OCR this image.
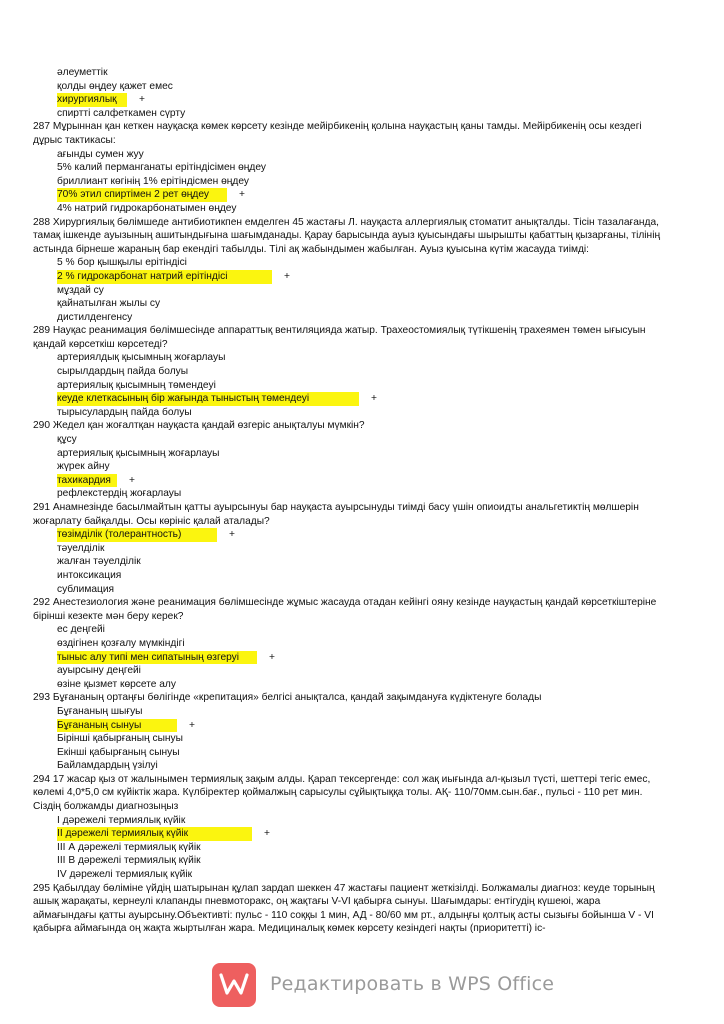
әлеуметтік
қолды өңдеу қажет емес
хирургиялық +
спиртті салфеткамен сүрту
287 Мұрыннан қан кеткен науқасқа көмек көрсету кезінде мейірбикенің қолына науқастың қаны тамды. Мейірбикенің осы кездегі дұрыс тактикасы:
ағынды сумен жуу
5% калий перманганаты ерітіндісімен өңдеу
бриллиант көгінің 1% ерітіндісмен өңдеу
70% этил спиртімен 2 рет өңдеу	+
4% натрий гидрокарбонатымен өңдеу
288 Хирургиялық бөлімшеде антибиотикпен емделген 45 жастағы Л. науқаста аллергиялық стоматит анықталды. Тісін тазалағанда, тамақ ішкенде ауызының ашитындығына шағымданады. Қарау барысында ауыз қуысындағы шырышты қабаттың қызарғаны, тілінің астында бірнеше жараның бар екендігі табылды. Тілі ақ жабындымен жабылған. Ауыз қуысына күтім жасауда тиімді:
5 % бор қышқылы ерітіндісі
2 % гидрокарбонат натрий ерітіндісі	+
мұздай су
қайнатылған жылы су
дистилденгенсу
289 Науқас реанимация бөлімшесінде аппараттық вентиляцияда жатыр. Трахеостомиялық түтікшенің трахеямен төмен ығысуын қандай көрсеткіш көрсетеді?
артериялдық қысымның жоғарлауы
сырылдардың пайда болуы
артериялық қысымның төмендеуі
кеуде клеткасының бір жағында тыныстың төмендеуі	+
тырысулардың пайда болуы
290 Жедел қан жоғалтқан науқаста қандай өзгеріс анықталуы мүмкін?
құсу
артериялық қысымның жоғарлауы
жүрек айну
тахикардия +
рефлекстердің жоғарлауы
291 Анамнезінде басылмайтын қатты ауырсынуы бар науқаста ауырсынуды тиімді басу үшін опиоидты анальгетиктің мөлшерін жоғарлату байқалды. Осы көрініс қалай аталады?
төзімділік (толерантность)	+
тәуелділік
жалған тәуелділік
интоксикация
сублимация
292 Анестезиология және реанимация бөлімшесінде жұмыс жасауда отадан кейінгі ояну кезінде науқастың қандай көрсеткіштеріне бірінші кезекте мән беру керек?
ес деңгейі
өздігінен қозғалу мүмкіндігі
тыныс алу типі мен сипатының өзгеруі	+
ауырсыну деңгейі
өзіне қызмет көрсете алу
293 Бұғананың ортаңғы бөлігінде «крепитация» белгісі анықталса, қандай зақымдануға күдіктенуге болады
Бұғананың шығуы
Бұғананың сынуы	+
Бірінші қабырғаның сынуы
Екінші қабырғаның сынуы
Байламдардың үзілуі
294 17 жасар қыз от жалынымен термиялық зақым алды. Қарап тексергенде: сол жақ иығында ал-қызыл түсті, шеттері тегіс емес, көлемі 4,0*5,0 см күйіктік жара. Күлбіректер қоймалжың сарысулы сұйықтыққа толы. АҚ- 110/70мм.сын.бағ., пульсі - 110 рет мин. Сіздің болжамды диагнозыңыз
I дәрежелі термиялық күйік
II дәрежелі термиялық күйік	+
III А дәрежелі термиялық күйік
III В дәрежелі термиялық күйік
IV дәрежелі термиялық күйік
295 Қабылдау бөліміне үйдің шатырынан құлап зардап шеккен 47 жастағы пациент жеткізілді. Болжамалы диагноз: кеуде торының ашық жарақаты, кернеулі клапанды пневмоторакс, оң жақтағы V-VI қабырға сынуы. Шағымдары: ентігудің күшеюі, жара аймағындағы қатты ауырсыну.Объективті: пульс - 110 соққы 1 мин, АД - 80/60 мм рт., алдыңғы қолтық асты сызығы бойынша V - VI қабырға аймағында оң жақта жыртылған жара. Медициналық көмек көрсету кезіндегі нақты (приоритетті) іс-
Редактировать в WPS Office
